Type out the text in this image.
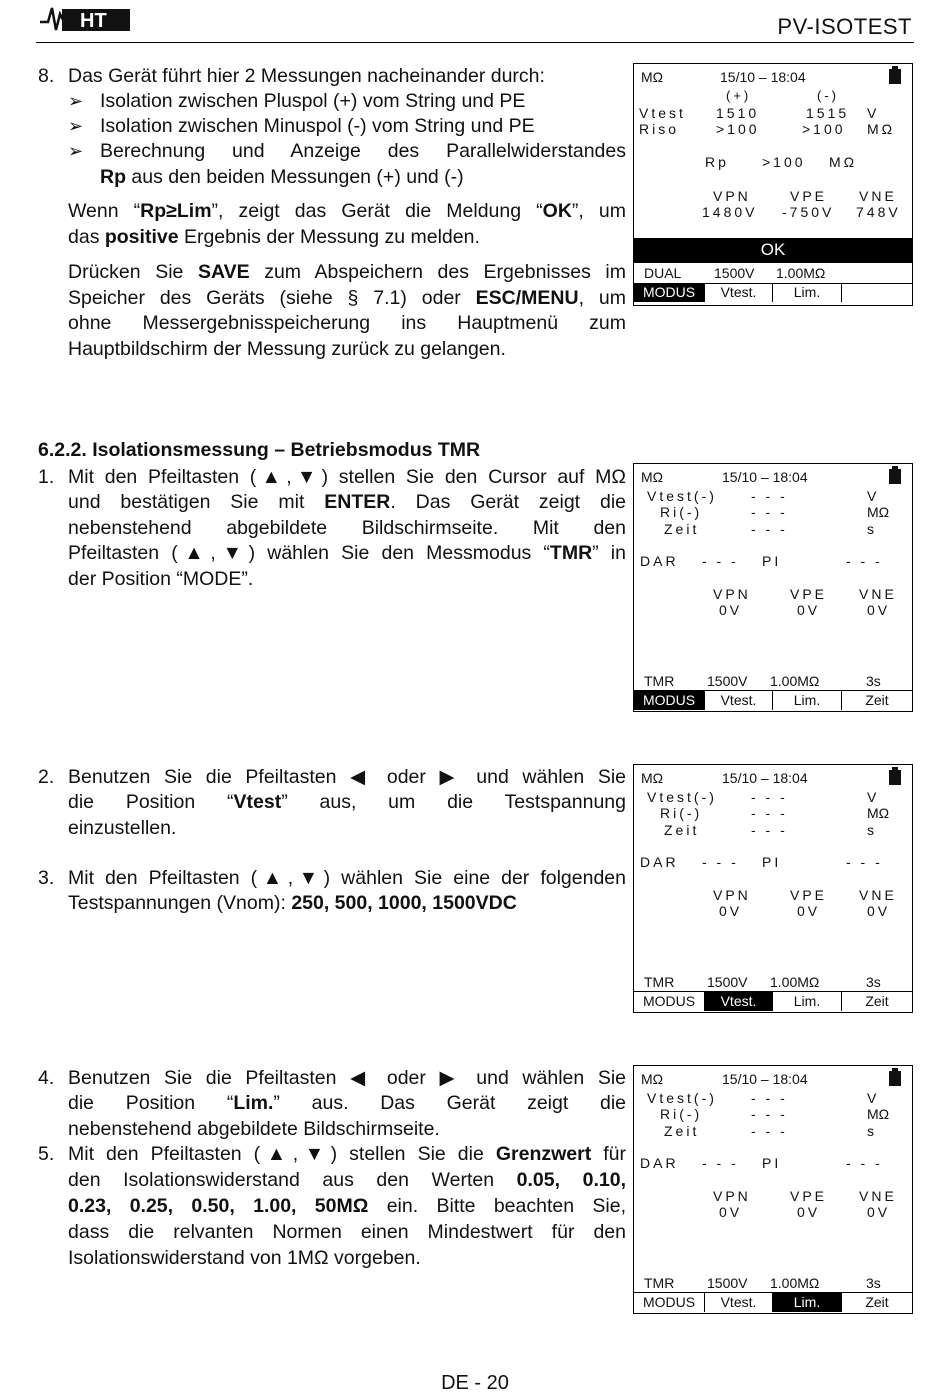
HT	PV-ISOTEST
8. Das Gerät führt hier 2 Messungen nacheinander durch:
➢ Isolation zwischen Pluspol (+) vom String und PE
➢ Isolation zwischen Minuspol (-) vom String und PE
➢ Berechnung und Anzeige des Parallelwiderstandes
Rp aus den beiden Messungen (+) und (-)
Wenn “Rp≥Lim”, zeigt das Gerät die Meldung “OK”, um
das positive Ergebnis der Messung zu melden.
Drücken Sie SAVE zum Abspeichern des Ergebnisses im
Speicher des Geräts (siehe § 7.1) oder ESC/MENU, um
ohne Messergebnisspeicherung ins Hauptmenü zum
Hauptbildschirm der Messung zurück zu gelangen.
MΩ	15/10 – 18:04
(+)	(-)
Vtest 1510	1515 V
Riso	>100	>100 MΩ
Rp >100 MΩ
VPN	VPE VNE
1480V -750V 748V
OK
DUAL 1500V 1.00MΩ
MODUS	Vtest.	Lim.
6.2.2. Isolationsmessung – Betriebsmodus TMR
1. Mit den Pfeiltasten (▲,▼) stellen Sie den Cursor auf MΩ
und bestätigen Sie mit ENTER. Das Gerät zeigt die
nebenstehend abgebildete Bildschirmseite. Mit den
Pfeiltasten (▲,▼) wählen Sie den Messmodus “TMR” in
der Position “MODE”.
2. Benutzen Sie die Pfeiltasten ◀ oder ▶ und wählen Sie
die Position “Vtest” aus, um die Testspannung
einzustellen.
3. Mit den Pfeiltasten (▲,▼) wählen Sie eine der folgenden
Testspannungen (Vnom): 250, 500, 1000, 1500VDC
4. Benutzen Sie die Pfeiltasten ◀ oder ▶ und wählen Sie
die Position “Lim.” aus. Das Gerät zeigt die
nebenstehend abgebildete Bildschirmseite.
5. Mit den Pfeiltasten (▲,▼) stellen Sie die Grenzwert für
den Isolationswiderstand aus den Werten 0.05, 0.10,
0.23, 0.25, 0.50, 1.00, 50MΩ ein. Bitte beachten Sie,
dass die relvanten Normen einen Mindestwert für den
Isolationswiderstand von 1MΩ vorgeben.
MΩ	15/10 – 18:04
Vtest(-) - - -	V
Ri(-)	- - -	MΩ
Zeit	- - -	s
DAR - - - PI	- - -
VPN	VPE VNE
0V	0V	0V
TMR 1500V 1.00MΩ	3s
MODUS	Vtest.	Lim.	Zeit
MΩ	15/10 – 18:04
Vtest(-) - - -	V
Ri(-)	- - -	MΩ
Zeit	- - -	s
DAR - - - PI	- - -
VPN	VPE VNE
0V	0V	0V
TMR 1500V 1.00MΩ	3s
MODUS	Vtest.	Lim.	Zeit
MΩ	15/10 – 18:04
Vtest(-) - - -	V
Ri(-)	- - -	MΩ
Zeit	- - -	s
DAR - - - PI	- - -
VPN	VPE VNE
0V	0V	0V
TMR 1500V 1.00MΩ	3s
MODUS	Vtest.	Lim.	Zeit
DE - 20
